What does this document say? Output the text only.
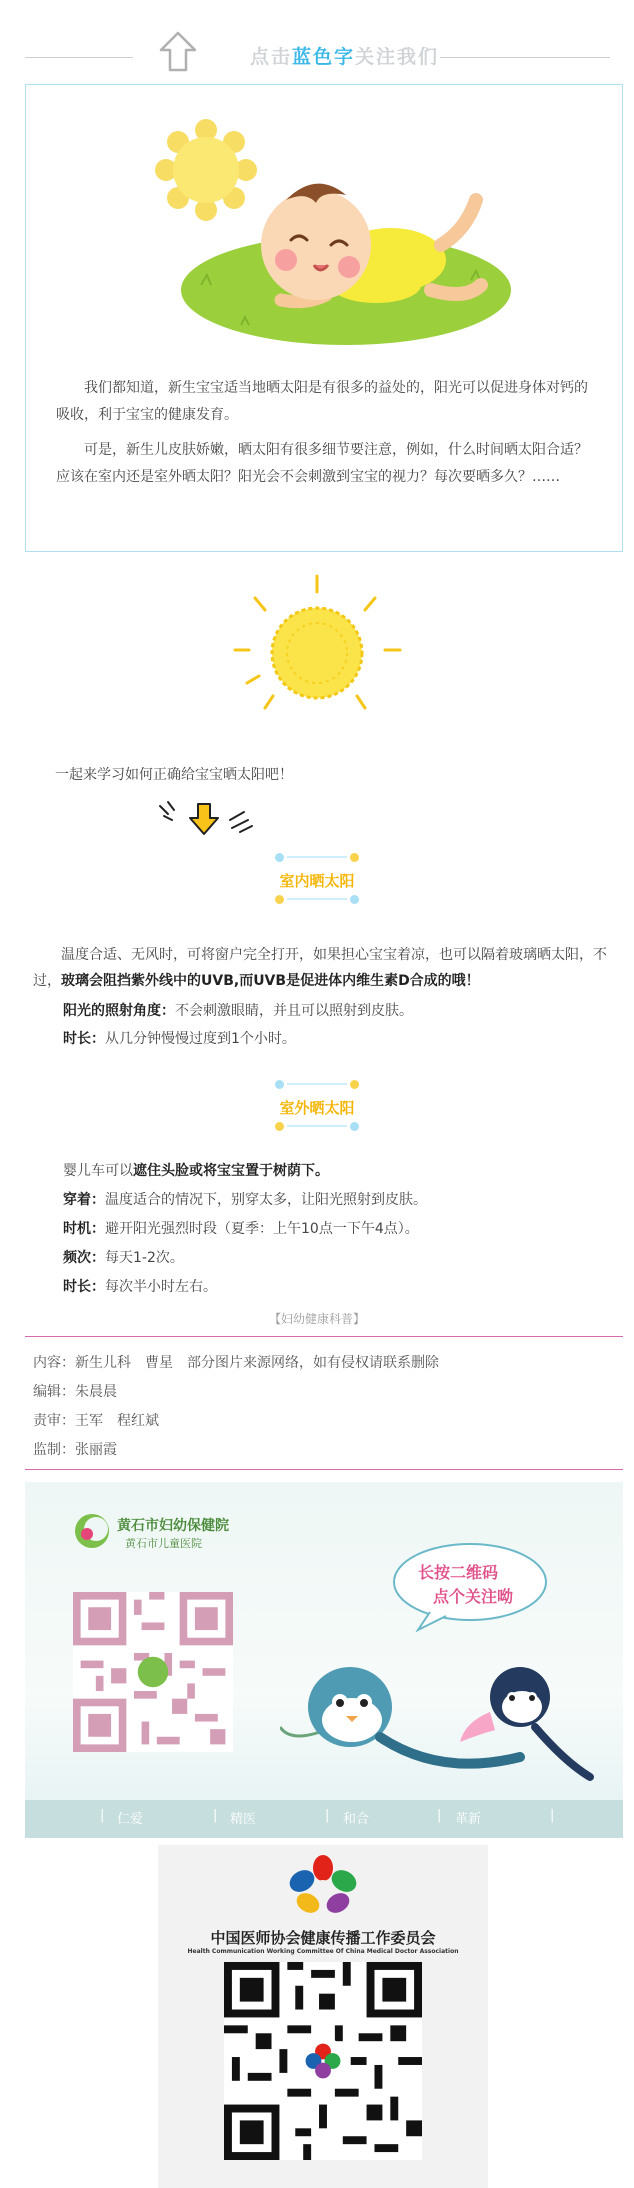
点击蓝色字关注我们
我们都知道，新生宝宝适当地晒太阳是有很多的益处的，阳光可以促进身体对钙的吸收，利于宝宝的健康发育。
可是，新生儿皮肤娇嫩，晒太阳有很多细节要注意，例如，什么时间晒太阳合适？应该在室内还是室外晒太阳？阳光会不会刺激到宝宝的视力？每次要晒多久？……
一起来学习如何正确给宝宝晒太阳吧！
室内晒太阳
温度合适、无风时，可将窗户完全打开，如果担心宝宝着凉，也可以隔着玻璃晒太阳，不过，玻璃会阻挡紫外线中的UVB,而UVB是促进体内维生素D合成的哦！
阳光的照射角度：不会刺激眼睛，并且可以照射到皮肤。
时长：从几分钟慢慢过度到1个小时。
室外晒太阳
婴儿车可以遮住头脸或将宝宝置于树荫下。
穿着：温度适合的情况下，别穿太多，让阳光照射到皮肤。
时机：避开阳光强烈时段（夏季：上午10点一下午4点）。
频次：每天1-2次。
时长：每次半小时左右。
【妇幼健康科普】
内容：新生儿科　曹星　部分图片来源网络，如有侵权请联系删除
编辑：朱晨晨
责审：王军　程红斌
监制：张丽霞
黄石市妇幼保健院
黄石市儿童医院
长按二维码
点个关注呦
仁爱	精医	和合	革新
|	|	|	|	|
中国医师协会健康传播工作委员会
Health Communication Working Committee Of China Medical Doctor Association
